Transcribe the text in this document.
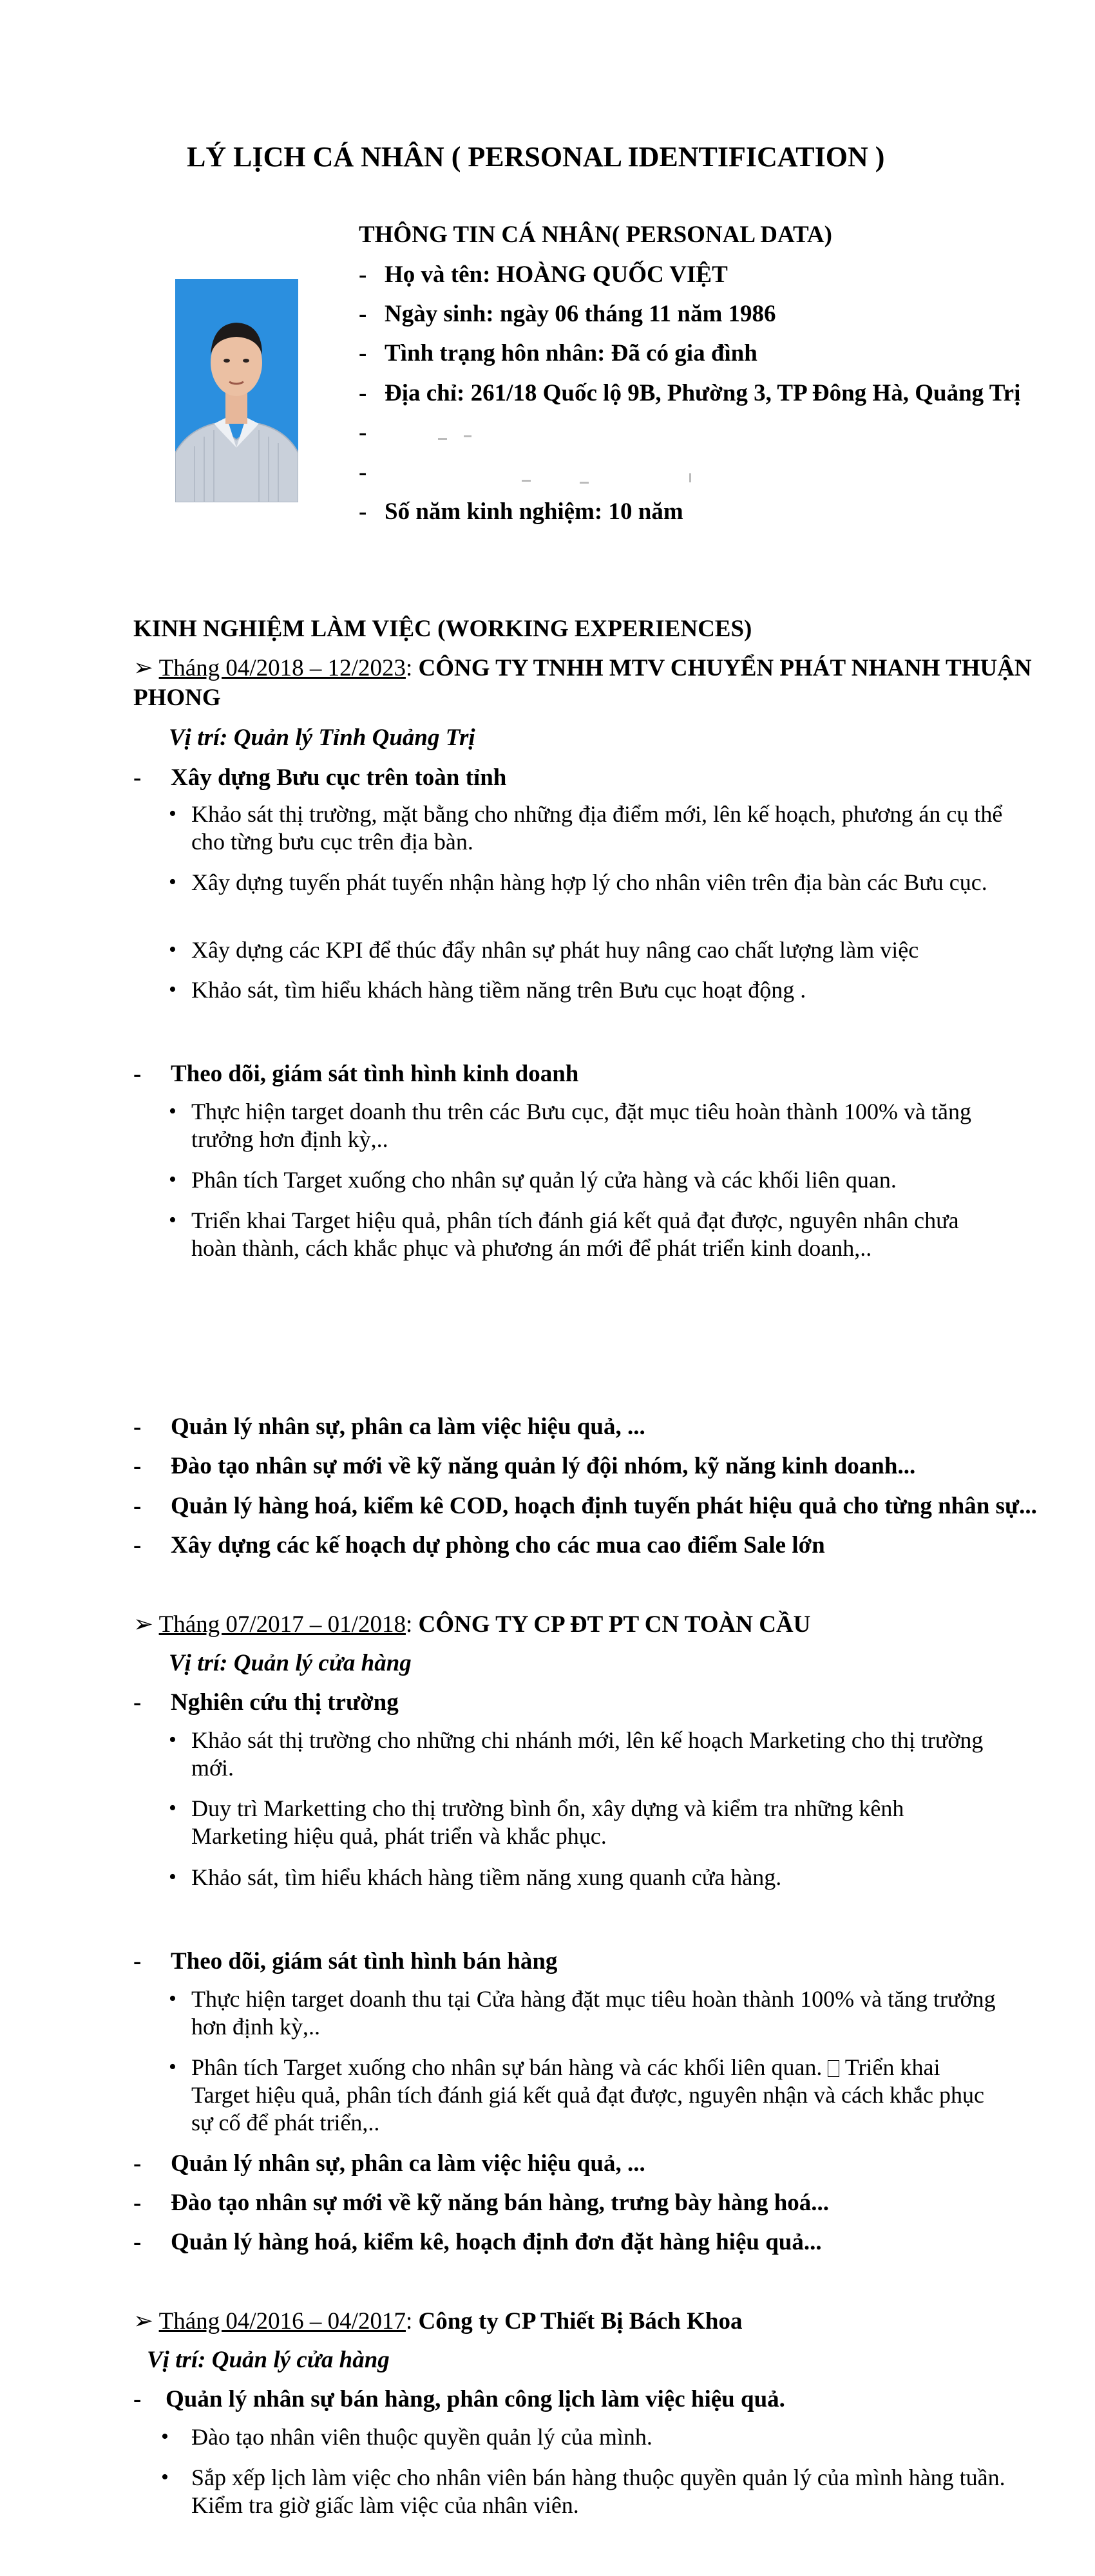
LÝ LỊCH CÁ NHÂN ( PERSONAL IDENTIFICATION )
THÔNG TIN CÁ NHÂN( PERSONAL DATA)
- Họ và tên: HOÀNG QUỐC VIỆT
- Ngày sinh: ngày 06 tháng 11 năm 1986
- Tình trạng hôn nhân: Đã có gia đình
- Địa chỉ: 261/18 Quốc lộ 9B, Phường 3, TP Đông Hà, Quảng Trị
-
-
- Số năm kinh nghiệm: 10 năm
KINH NGHIỆM LÀM VIỆC (WORKING EXPERIENCES)
➢ Tháng 04/2018 – 12/2023: CÔNG TY TNHH MTV CHUYỂN PHÁT NHANH THUẬN
PHONG
Vị trí: Quản lý Tỉnh Quảng Trị
- Xây dựng Bưu cục trên toàn tỉnh
• Khảo sát thị trường, mặt bằng cho những địa điểm mới, lên kế hoạch, phương án cụ thể cho từng bưu cục trên địa bàn.
• Xây dựng tuyến phát tuyến nhận hàng hợp lý cho nhân viên trên địa bàn các Bưu cục.
• Xây dựng các KPI để thúc đẩy nhân sự phát huy nâng cao chất lượng làm việc
• Khảo sát, tìm hiểu khách hàng tiềm năng trên Bưu cục hoạt động .
- Theo dõi, giám sát tình hình kinh doanh
• Thực hiện target doanh thu trên các Bưu cục, đặt mục tiêu hoàn thành 100% và tăng trưởng hơn định kỳ,..
• Phân tích Target xuống cho nhân sự quản lý cửa hàng và các khối liên quan.
• Triển khai Target hiệu quả, phân tích đánh giá kết quả đạt được, nguyên nhân chưa hoàn thành, cách khắc phục và phương án mới để phát triển kinh doanh,..
- Quản lý nhân sự, phân ca làm việc hiệu quả, ...
- Đào tạo nhân sự mới về kỹ năng quản lý đội nhóm, kỹ năng kinh doanh...
- Quản lý hàng hoá, kiểm kê COD, hoạch định tuyến phát hiệu quả cho từng nhân sự...
- Xây dựng các kế hoạch dự phòng cho các mua cao điểm Sale lớn
➢ Tháng 07/2017 – 01/2018: CÔNG TY CP ĐT PT CN TOÀN CẦU
Vị trí: Quản lý cửa hàng
- Nghiên cứu thị trường
• Khảo sát thị trường cho những chi nhánh mới, lên kế hoạch Marketing cho thị trường mới.
• Duy trì Marketting cho thị trường bình ổn, xây dựng và kiểm tra những kênh Marketing hiệu quả, phát triển và khắc phục.
• Khảo sát, tìm hiểu khách hàng tiềm năng xung quanh cửa hàng.
- Theo dõi, giám sát tình hình bán hàng
• Thực hiện target doanh thu tại Cửa hàng đặt mục tiêu hoàn thành 100% và tăng trưởng hơn định kỳ,..
• Phân tích Target xuống cho nhân sự bán hàng và các khối liên quan. Triển khai Target hiệu quả, phân tích đánh giá kết quả đạt được, nguyên nhận và cách khắc phục sự cố để phát triển,..
- Quản lý nhân sự, phân ca làm việc hiệu quả, ...
- Đào tạo nhân sự mới về kỹ năng bán hàng, trưng bày hàng hoá...
- Quản lý hàng hoá, kiểm kê, hoạch định đơn đặt hàng hiệu quả...
➢ Tháng 04/2016 – 04/2017: Công ty CP Thiết Bị Bách Khoa
Vị trí: Quản lý cửa hàng
- Quản lý nhân sự bán hàng, phân công lịch làm việc hiệu quả.
• Đào tạo nhân viên thuộc quyền quản lý của mình.
• Sắp xếp lịch làm việc cho nhân viên bán hàng thuộc quyền quản lý của mình hàng tuần. Kiểm tra giờ giấc làm việc của nhân viên.
